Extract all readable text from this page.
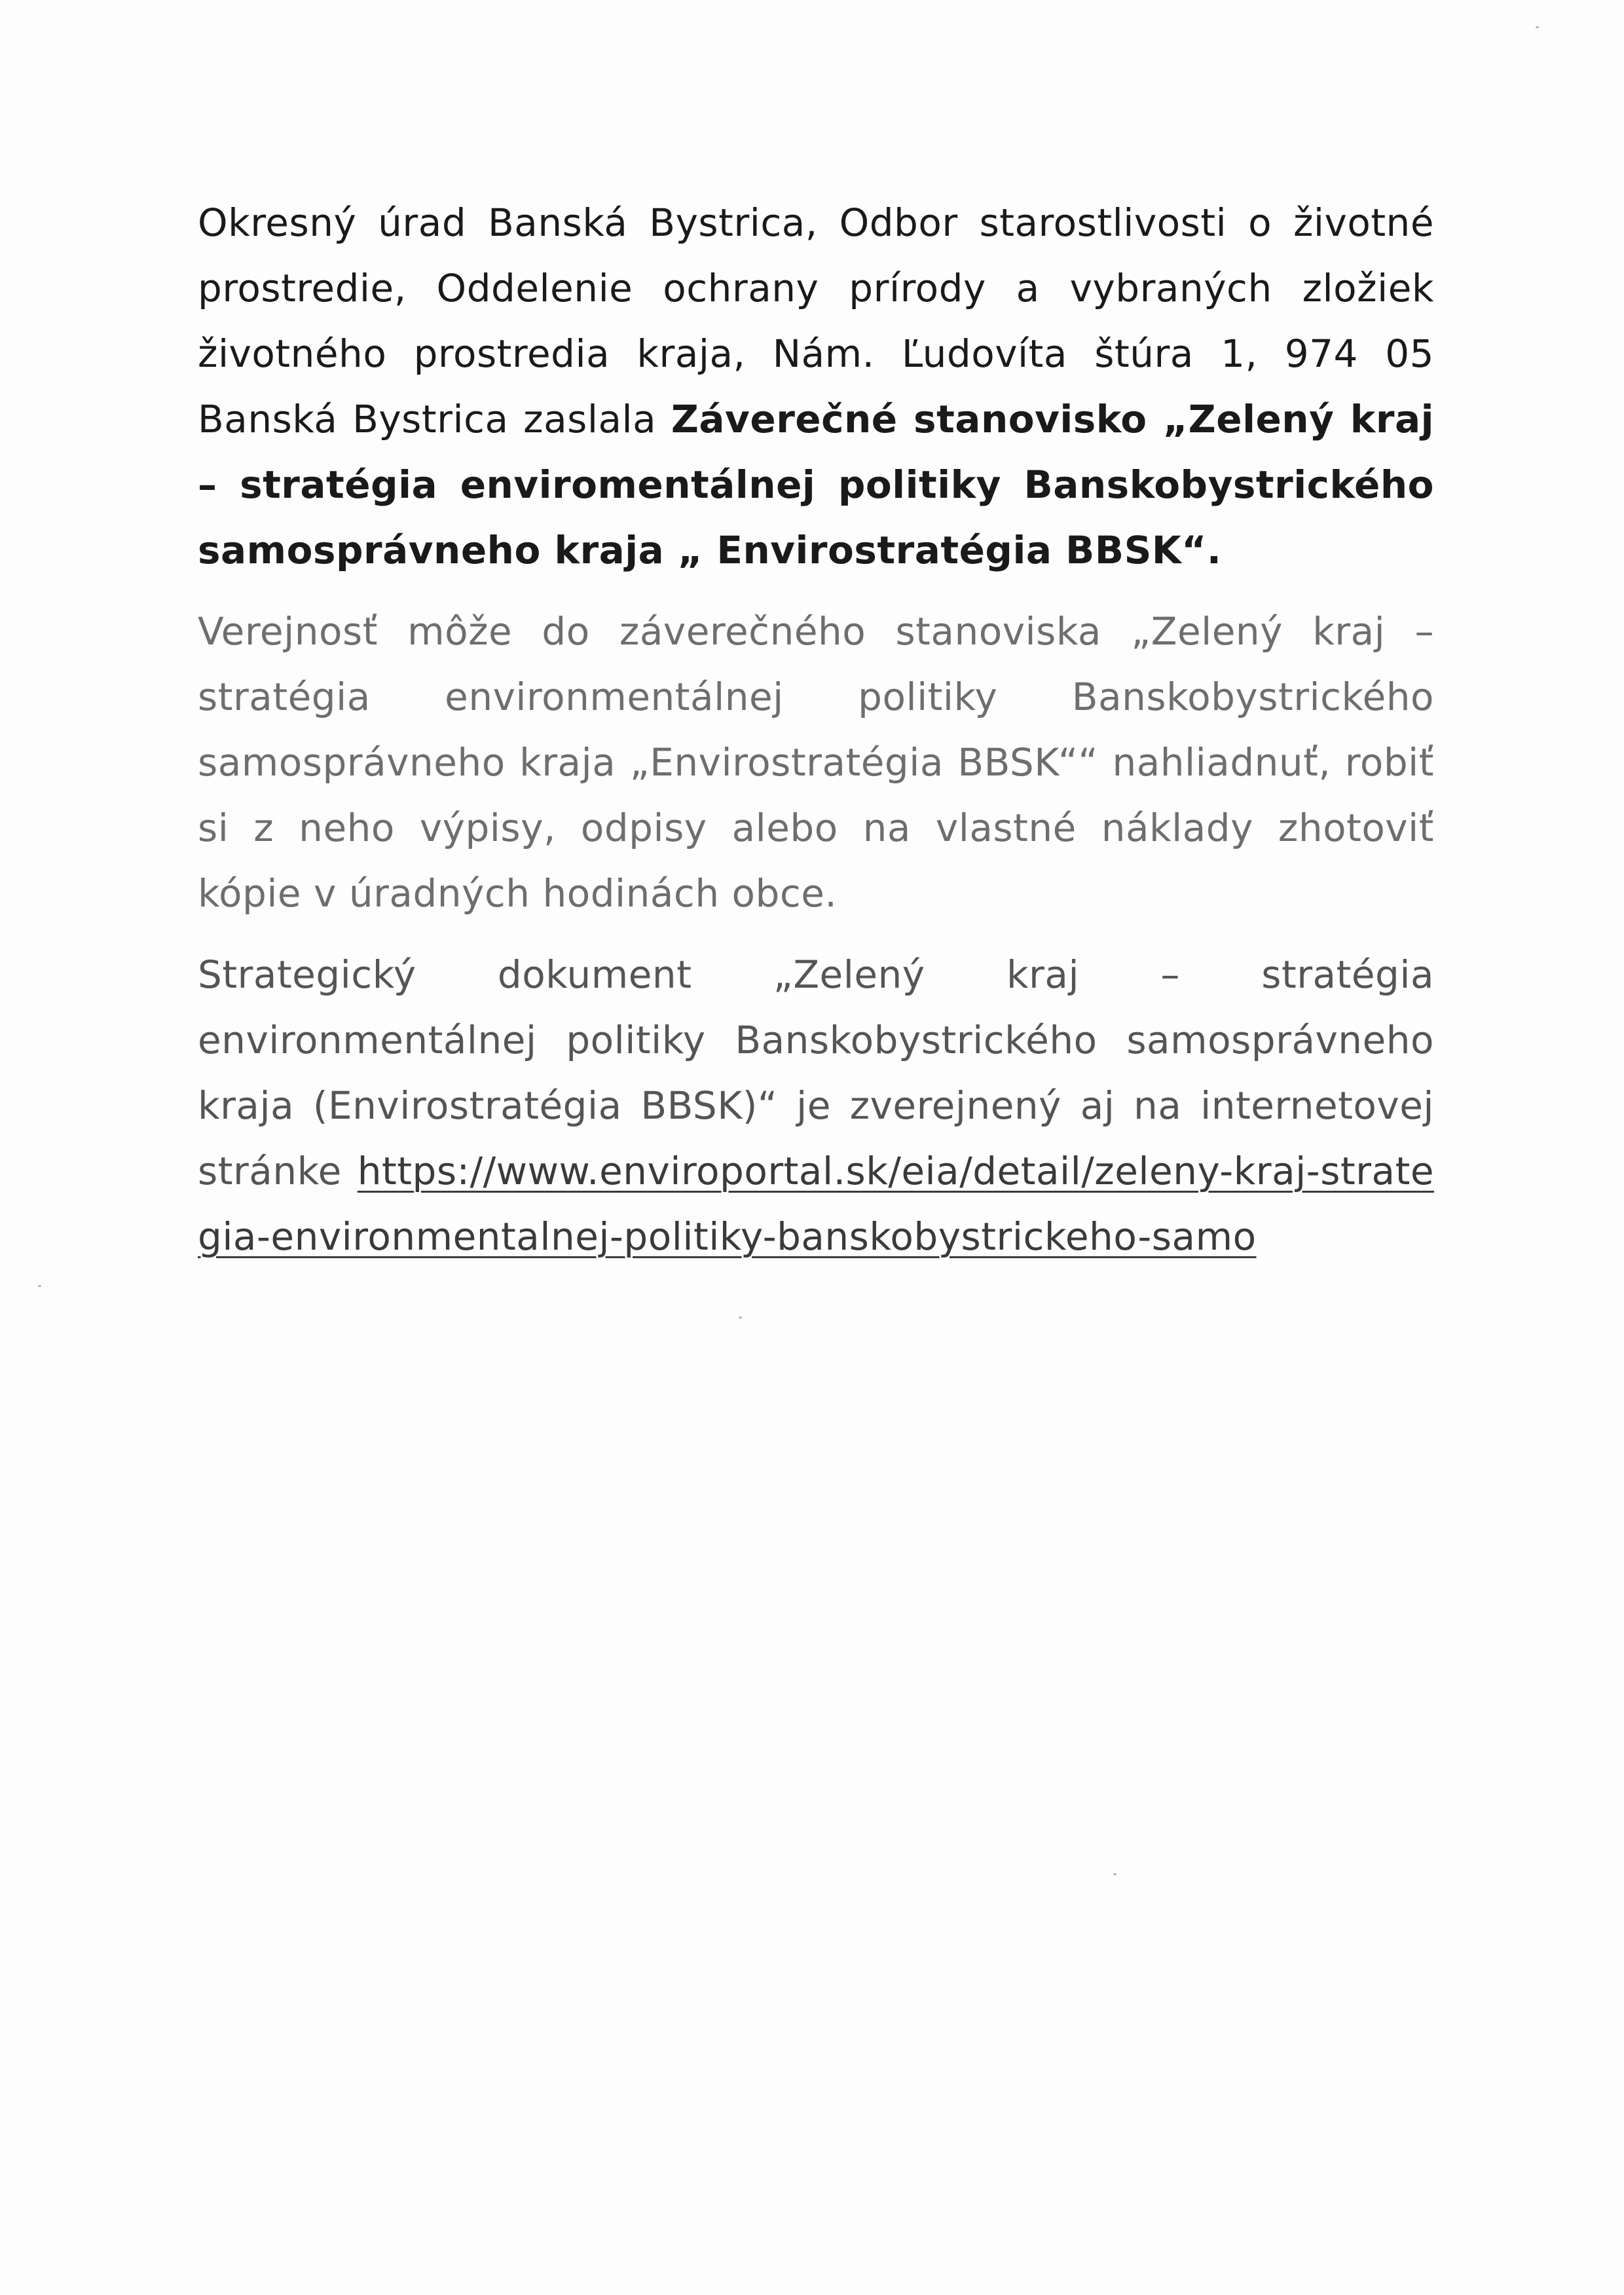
Okresný úrad Banská Bystrica, Odbor starostlivosti o životné prostredie, Oddelenie ochrany prírody a vybraných zložiek životného prostredia kraja, Nám. Ľudovíta štúra 1, 974 05 Banská Bystrica zaslala Záverečné stanovisko „Zelený kraj – stratégia enviromentálnej politiky Banskobystrického samosprávneho kraja „ Envirostratégia BBSK“.

Verejnosť môže do záverečného stanoviska „Zelený kraj – stratégia environmentálnej politiky Banskobystrického samosprávneho kraja „Envirostratégia BBSK““ nahliadnuť, robiť si z neho výpisy, odpisy alebo na vlastné náklady zhotoviť kópie v úradných hodinách obce.

Strategický dokument „Zelený kraj – stratégia environmentálnej politiky Banskobystrického samosprávneho kraja (Envirostratégia BBSK)“ je zverejnený aj na internetovej stránke https://www.enviroportal.sk/eia/detail/zeleny-kraj-strategia-environmentalnej-politiky-banskobystrickeho-samo
